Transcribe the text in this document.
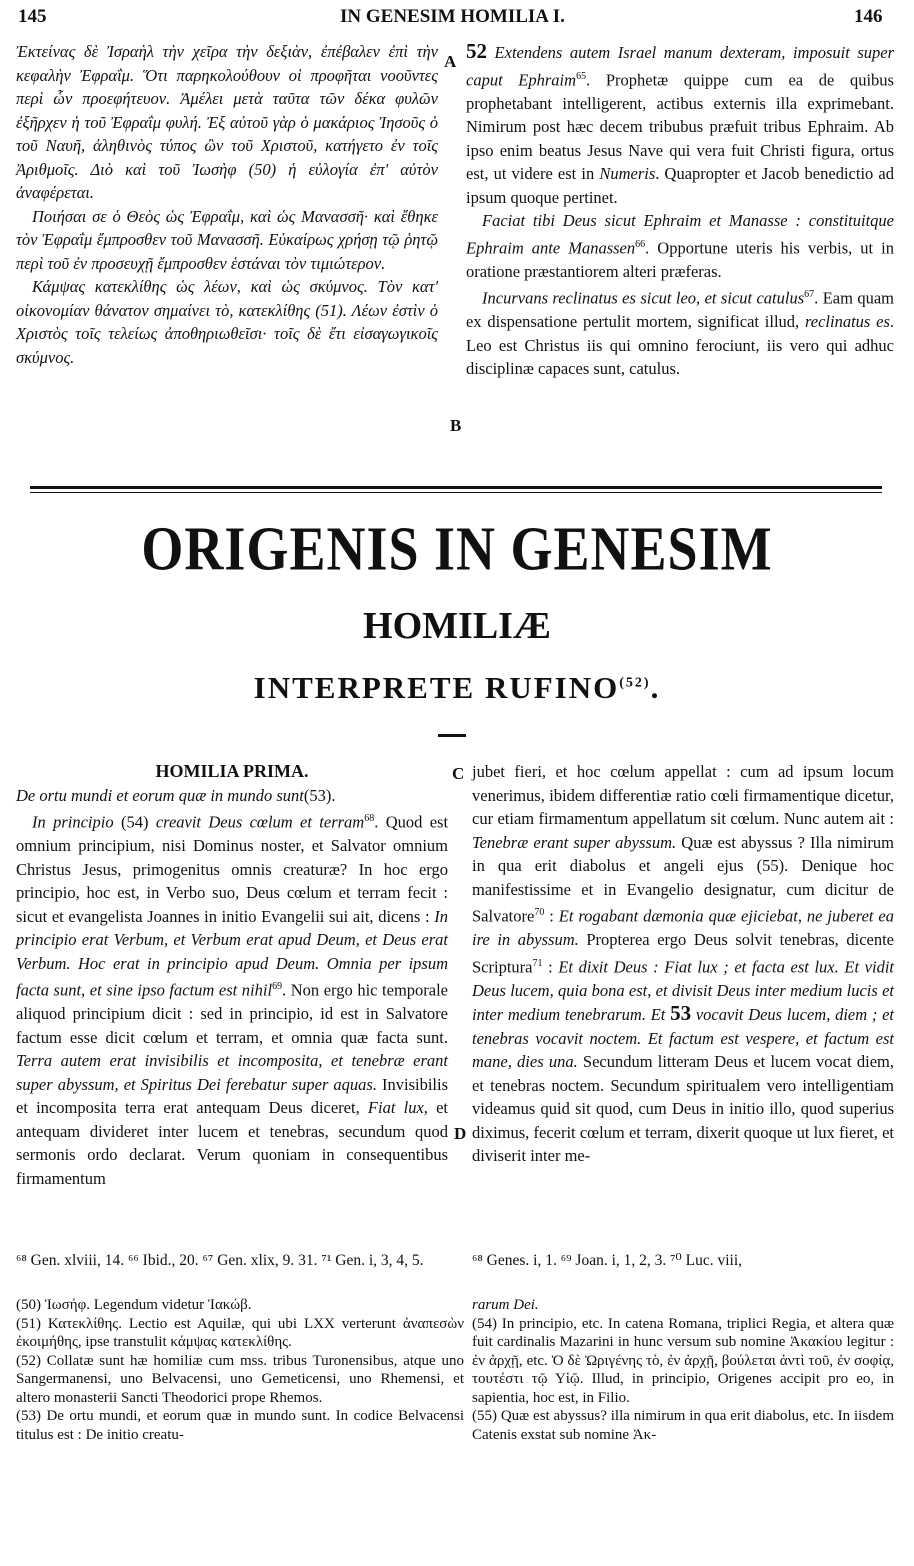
145	IN GENESIM HOMILIA I.	146

Ἐκτείνας δὲ Ἰσραὴλ τὴν χεῖρα τὴν δεξιὰν, ἐπέβαλεν ἐπὶ τὴν κεφαλὴν Ἐφραΐμ. Ὅτι παρηκολούθουν οἱ προφῆται νοοῦντες περὶ ὧν προεφήτευον. Ἀμέλει μετὰ ταῦτα τῶν δέκα φυλῶν ἐξῆρχεν ἡ τοῦ Ἐφραΐμ φυλή. Ἐξ αὐτοῦ γὰρ ὁ μακάριος Ἰησοῦς ὁ τοῦ Ναυῆ, ἀληθινὸς τύπος ὢν τοῦ Χριστοῦ, κατήγετο ἐν τοῖς Ἀριθμοῖς. Διὸ καὶ τοῦ Ἰωσὴφ (50) ἡ εὐλογία ἐπ' αὐτὸν ἀναφέρεται.

Ποιήσαι σε ὁ Θεὸς ὡς Ἐφραΐμ, καὶ ὡς Μανασσῆ· καὶ ἔθηκε τὸν Ἐφραΐμ ἔμπροσθεν τοῦ Μανασσῆ. Εὐκαίρως χρήσῃ τῷ ῥητῷ περὶ τοῦ ἐν προσευχῇ ἔμπροσθεν ἑστάναι τὸν τιμιώτερον.

Κάμψας κατεκλίθης ὡς λέων, καὶ ὡς σκύμνος. Τὸν κατ' οἰκονομίαν θάνατον σημαίνει τὸ, κατεκλίθης (51). Λέων ἐστὶν ὁ Χριστὸς τοῖς τελείως ἀποθηριωθεῖσι· τοῖς δὲ ἔτι εἰσαγωγικοῖς σκύμνος.

A
B

52 Extendens autem Israel manum dexteram, imposuit super caput Ephraim$^{65}$. Prophetæ quippe cum ea de quibus prophetabant intelligerent, actibus externis illa exprimebant. Nimirum post hæc decem tribubus præfuit tribus Ephraim. Ab ipso enim beatus Jesus Nave qui vera fuit Christi figura, ortus est, ut videre est in Numeris. Quapropter et Jacob benedictio ad ipsum quoque pertinet.

Faciat tibi Deus sicut Ephraim et Manasse : constituitque Ephraim ante Manassen$^{66}$. Opportune uteris his verbis, ut in oratione præstantiorem alteri præferas.

Incurvans reclinatus es sicut leo, et sicut catulus$^{67}$. Eam quam ex dispensatione pertulit mortem, significat illud, reclinatus es. Leo est Christus iis qui omnino ferociunt, iis vero qui adhuc disciplinæ capaces sunt, catulus.

ORIGENIS IN GENESIM
HOMILIÆ
INTERPRETE RUFINO$^{(52)}$.
HOMILIA PRIMA.

De ortu mundi et eorum quæ in mundo sunt(53).

In principio (54) creavit Deus cœlum et terram$^{68}$. Quod est omnium principium, nisi Dominus noster, et Salvator omnium Christus Jesus, primogenitus omnis creaturæ? In hoc ergo principio, hoc est, in Verbo suo, Deus cœlum et terram fecit : sicut et evangelista Joannes in initio Evangelii sui ait, dicens : In principio erat Verbum, et Verbum erat apud Deum, et Deus erat Verbum. Hoc erat in principio apud Deum. Omnia per ipsum facta sunt, et sine ipso factum est nihil$^{69}$. Non ergo hic temporale aliquod principium dicit : sed in principio, id est in Salvatore factum esse dicit cœlum et terram, et omnia quæ facta sunt. Terra autem erat invisibilis et incomposita, et tenebræ erant super abyssum, et Spiritus Dei ferebatur super aquas. Invisibilis et incomposita terra erat antequam Deus diceret, Fiat lux, et antequam divideret inter lucem et tenebras, secundum quod sermonis ordo declarat. Verum quoniam in consequentibus firmamentum

C
D

jubet fieri, et hoc cœlum appellat : cum ad ipsum locum venerimus, ibidem differentiæ ratio cœli firmamentique dicetur, cur etiam firmamentum appellatum sit cœlum. Nunc autem ait : Tenebræ erant super abyssum. Quæ est abyssus ? Illa nimirum in qua erit diabolus et angeli ejus (55). Denique hoc manifestissime et in Evangelio designatur, cum dicitur de Salvatore$^{70}$ : Et rogabant dæmonia quæ ejiciebat, ne juberet ea ire in abyssum. Propterea ergo Deus solvit tenebras, dicente Scriptura$^{71}$ : Et dixit Deus : Fiat lux ; et facta est lux. Et vidit Deus lucem, quia bona est, et divisit Deus inter medium lucis et inter medium tenebrarum. Et 53 vocavit Deus lucem, diem ; et tenebras vocavit noctem. Et factum est vespere, et factum est mane, dies una. Secundum litteram Deus et lucem vocat diem, et tenebras noctem. Secundum spiritualem vero intelligentiam videamus quid sit quod, cum Deus in initio illo, quod superius diximus, fecerit cœlum et terram, dixerit quoque ut lux fieret, et diviserit inter me-

⁶⁸ Gen. xlviii, 14. ⁶⁶ Ibid., 20. ⁶⁷ Gen. xlix, 9. 31. ⁷¹ Gen. i, 3, 4, 5.	⁶⁸ Genes. i, 1. ⁶⁹ Joan. i, 1, 2, 3. ⁷⁰ Luc. viii,

(50) Ἰωσήφ. Legendum videtur Ἰακώβ.

(51) Κατεκλίθης. Lectio est Aquilæ, qui ubi LXX verterunt ἀναπεσὼν ἐκοιμήθης, ipse transtulit κάμψας κατεκλίθης.

(52) Collatæ sunt hæ homiliæ cum mss. tribus Turonensibus, atque uno Sangermanensi, uno Belvacensi, uno Gemeticensi, uno Rhemensi, et altero monasterii Sancti Theodorici prope Rhemos.

(53) De ortu mundi, et eorum quæ in mundo sunt. In codice Belvacensi titulus est : De initio creatu-

rarum Dei.

(54) In principio, etc. In catena Romana, triplici Regia, et altera quæ fuit cardinalis Mazarini in hunc versum sub nomine Ἀκακίου legitur : ἐν ἀρχῇ, etc. Ὁ δὲ Ὠριγένης τὸ, ἐν ἀρχῇ, βούλεται ἀντὶ τοῦ, ἐν σοφίᾳ, τουτέστι τῷ Υἱῷ. Illud, in principio, Origenes accipit pro eo, in sapientia, hoc est, in Filio.

(55) Quæ est abyssus? illa nimirum in qua erit diabolus, etc. In iisdem Catenis exstat sub nomine Ἀκ-
